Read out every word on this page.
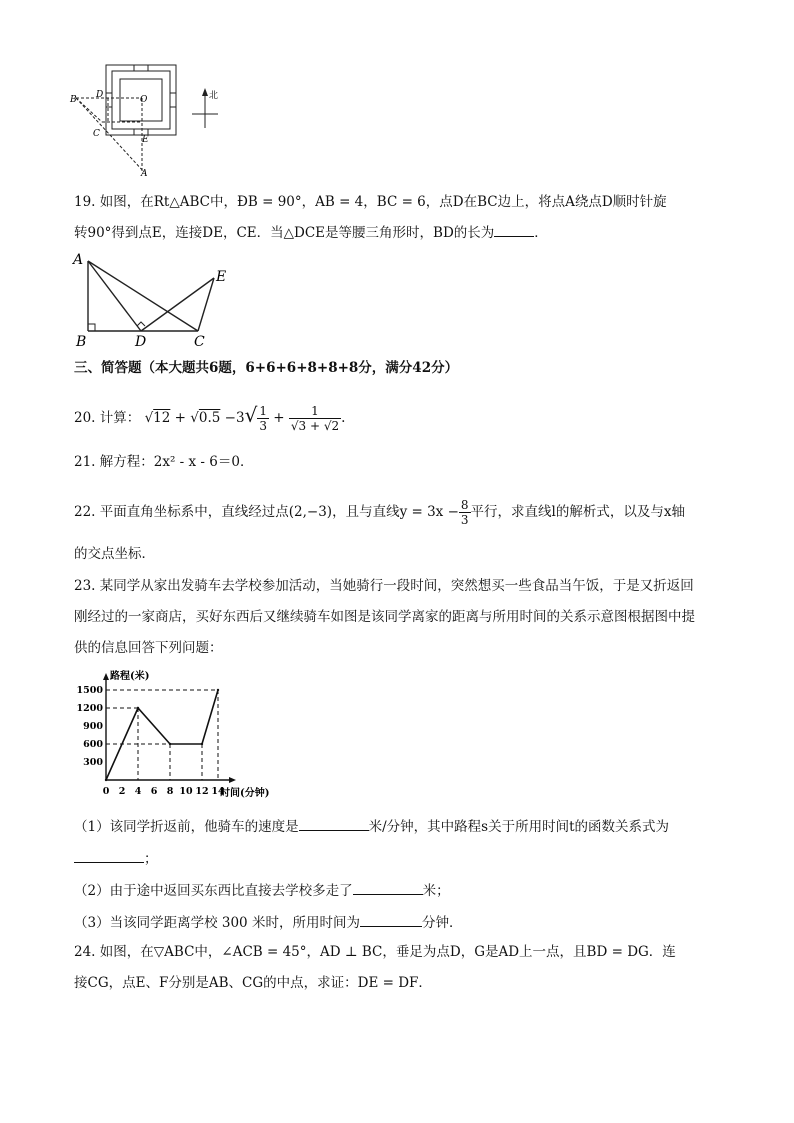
B D	O
C
E
A
北
19. 如图，在Rt△ABC中，ÐB = 90°，AB = 4，BC = 6，点D在BC边上，将点A绕点D顺时针旋
转90°得到点E，连接DE，CE．当△DCE是等腰三角形时，BD的长为	．
A
B	D	C
E
三、简答题（本大题共6题，6+6+6+8+8+8分，满分42分）
20. 计算： $√12 + √0.5 -3√ \frac{1}{3} + \frac{1}{√3 + √2}$ .
21. 解方程：2x² - x - 6＝0．
22. 平面直角坐标系中，直线经过点(2,−3)，且与直线$y = 3x - \frac{8}{3}$ 平行，求直线l的解析式，以及与x轴
的交点坐标．
23. 某同学从家出发骑车去学校参加活动，当她骑行一段时间，突然想买一些食品当午饭，于是又折返回
刚经过的一家商店，买好东西后又继续骑车如图是该同学离家的距离与所用时间的关系示意图根据图中提
供的信息回答下列问题：
路程(米)
时间(分钟)
0 2 4 6 8 10 12 14
300
600
900
1200
1500
（1）该同学折返前，他骑车的速度是	米/分钟，其中路程s关于所用时间t的函数关系式为
；
（2）由于途中返回买东西比直接去学校多走了	米；
（3）当该同学距离学校 300 米时，所用时间为	分钟．
24. 如图，在▽ABC中，∠ACB = 45°，AD ⊥ BC，垂足为点D，G是AD上一点，且BD = DG．连
接CG，点E、F分别是AB、CG的中点，求证：DE = DF．
